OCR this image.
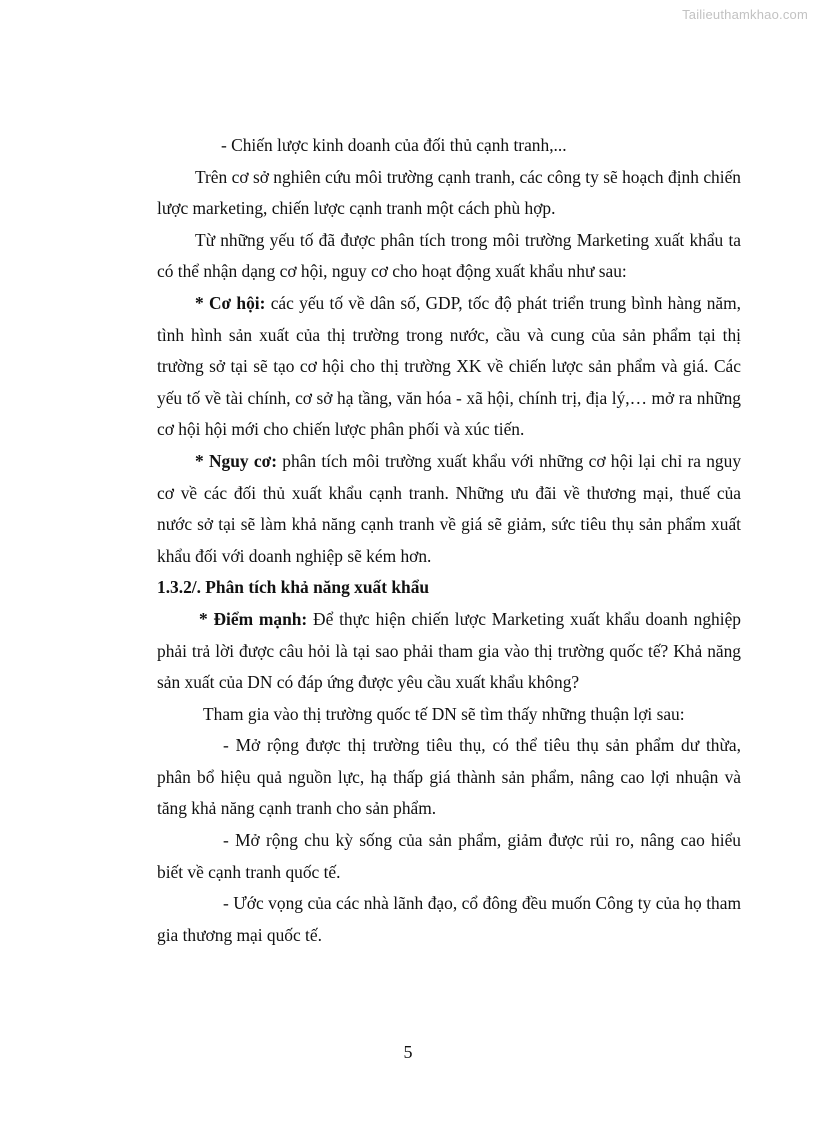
Tailieuthamkhao.com

- Chiến lược kinh doanh của đối thủ cạnh tranh,...

Trên cơ sở nghiên cứu môi trường cạnh tranh, các công ty sẽ hoạch định chiến lược marketing, chiến lược cạnh tranh một cách phù hợp.

Từ những yếu tố đã được phân tích trong môi trường Marketing xuất khẩu ta có thể nhận dạng cơ hội, nguy cơ cho hoạt động xuất khẩu như sau:

* Cơ hội: các yếu tố về dân số, GDP, tốc độ phát triển trung bình hàng năm, tình hình sản xuất của thị trường trong nước, cầu và cung của sản phẩm tại thị trường sở tại sẽ tạo cơ hội cho thị trường XK về chiến lược sản phẩm và giá. Các yếu tố về tài chính, cơ sở hạ tầng, văn hóa - xã hội, chính trị, địa lý,… mở ra những cơ hội hội mới cho chiến lược phân phối và xúc tiến.

* Nguy cơ: phân tích môi trường xuất khẩu với những cơ hội lại chỉ ra nguy cơ về các đối thủ xuất khẩu cạnh tranh. Những ưu đãi về thương mại, thuế của nước sở tại sẽ làm khả năng cạnh tranh về giá sẽ giảm, sức tiêu thụ sản phẩm xuất khẩu đối với doanh nghiệp sẽ kém hơn.

1.3.2/. Phân tích khả năng xuất khẩu

* Điểm mạnh: Để thực hiện chiến lược Marketing xuất khẩu doanh nghiệp phải trả lời được câu hỏi là tại sao phải tham gia vào thị trường quốc tế? Khả năng sản xuất của DN có đáp ứng được yêu cầu xuất khẩu không?

Tham gia vào thị trường quốc tế DN sẽ tìm thấy những thuận lợi sau:

- Mở rộng được thị trường tiêu thụ, có thể tiêu thụ sản phẩm dư thừa, phân bổ hiệu quả nguồn lực, hạ thấp giá thành sản phẩm, nâng cao lợi nhuận và tăng khả năng cạnh tranh cho sản phẩm.

- Mở rộng chu kỳ sống của sản phẩm, giảm được rủi ro, nâng cao hiểu biết về cạnh tranh quốc tế.

- Ước vọng của các nhà lãnh đạo, cổ đông đều muốn Công ty của họ tham gia thương mại quốc tế.

5
